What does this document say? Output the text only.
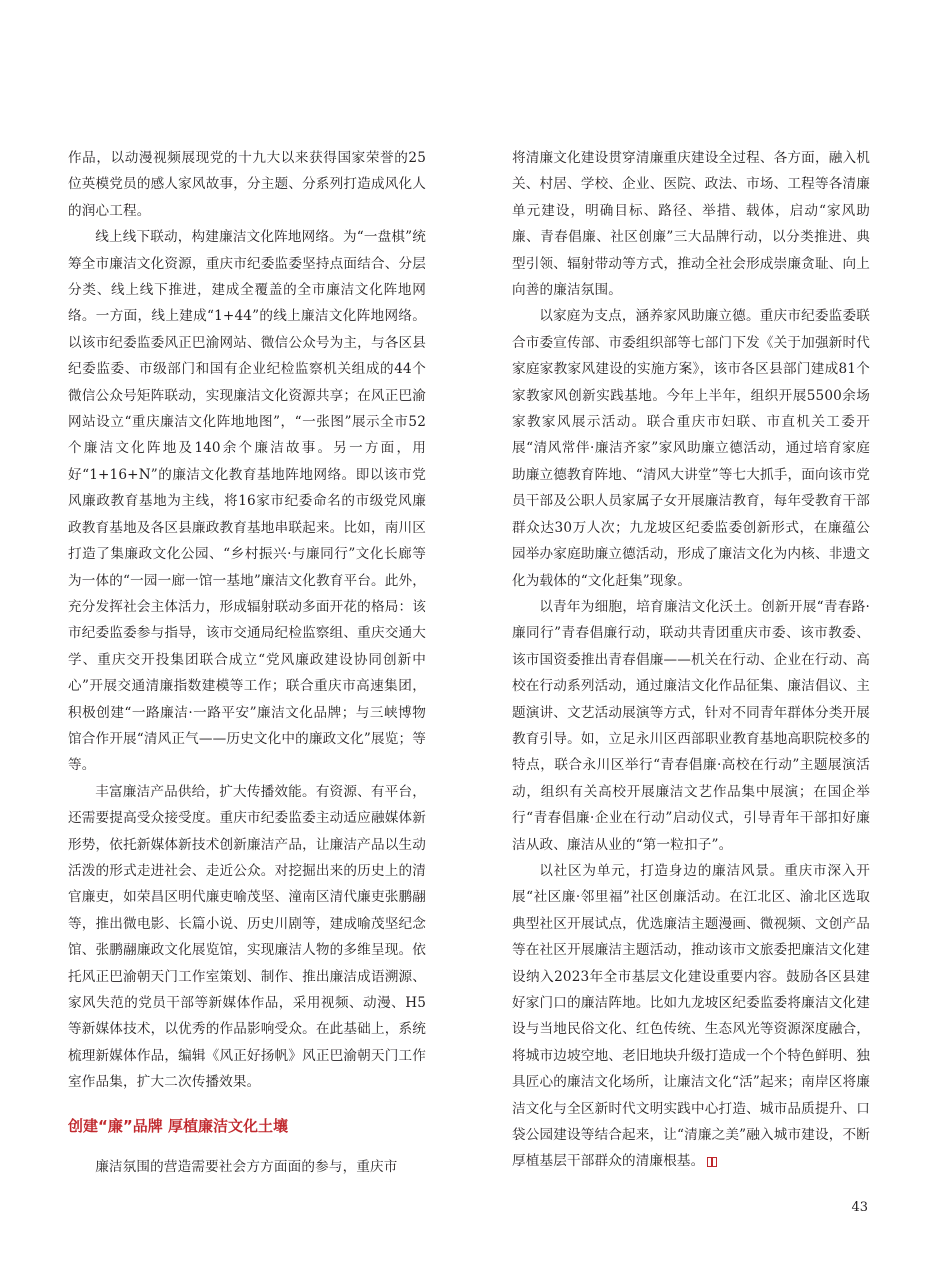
作品，以动漫视频展现党的十九大以来获得国家荣誉的25位英模党员的感人家风故事，分主题、分系列打造成风化人的润心工程。

线上线下联动，构建廉洁文化阵地网络。为“一盘棋”统筹全市廉洁文化资源，重庆市纪委监委坚持点面结合、分层分类、线上线下推进，建成全覆盖的全市廉洁文化阵地网络。一方面，线上建成“1+44”的线上廉洁文化阵地网络。以该市纪委监委风正巴渝网站、微信公众号为主，与各区县纪委监委、市级部门和国有企业纪检监察机关组成的44个微信公众号矩阵联动，实现廉洁文化资源共享；在风正巴渝网站设立“重庆廉洁文化阵地地图”，“一张图”展示全市52个廉洁文化阵地及140余个廉洁故事。另一方面，用好“1+16+N”的廉洁文化教育基地阵地网络。即以该市党风廉政教育基地为主线，将16家市纪委命名的市级党风廉政教育基地及各区县廉政教育基地串联起来。比如，南川区打造了集廉政文化公园、“乡村振兴·与廉同行”文化长廊等为一体的“一园一廊一馆一基地”廉洁文化教育平台。此外，充分发挥社会主体活力，形成辐射联动多面开花的格局：该市纪委监委参与指导，该市交通局纪检监察组、重庆交通大学、重庆交开投集团联合成立“党风廉政建设协同创新中心”开展交通清廉指数建模等工作；联合重庆市高速集团，积极创建“一路廉洁·一路平安”廉洁文化品牌；与三峡博物馆合作开展“清风正气——历史文化中的廉政文化”展览；等等。

丰富廉洁产品供给，扩大传播效能。有资源、有平台，还需要提高受众接受度。重庆市纪委监委主动适应融媒体新形势，依托新媒体新技术创新廉洁产品，让廉洁产品以生动活泼的形式走进社会、走近公众。对挖掘出来的历史上的清官廉吏，如荣昌区明代廉吏喻茂坚、潼南区清代廉吏张鹏翮等，推出微电影、长篇小说、历史川剧等，建成喻茂坚纪念馆、张鹏翮廉政文化展览馆，实现廉洁人物的多维呈现。依托风正巴渝朝天门工作室策划、制作、推出廉洁成语溯源、家风失范的党员干部等新媒体作品，采用视频、动漫、H5等新媒体技术，以优秀的作品影响受众。在此基础上，系统梳理新媒体作品，编辑《风正好扬帆》风正巴渝朝天门工作室作品集，扩大二次传播效果。

创建“廉”品牌 厚植廉洁文化土壤

廉洁氛围的营造需要社会方方面面的参与，重庆市

将清廉文化建设贯穿清廉重庆建设全过程、各方面，融入机关、村居、学校、企业、医院、政法、市场、工程等各清廉单元建设，明确目标、路径、举措、载体，启动“家风助廉、青春倡廉、社区创廉”三大品牌行动，以分类推进、典型引领、辐射带动等方式，推动全社会形成崇廉贪耻、向上向善的廉洁氛围。

以家庭为支点，涵养家风助廉立德。重庆市纪委监委联合市委宣传部、市委组织部等七部门下发《关于加强新时代家庭家教家风建设的实施方案》，该市各区县部门建成81个家教家风创新实践基地。今年上半年，组织开展5500余场家教家风展示活动。联合重庆市妇联、市直机关工委开展“清风常伴·廉洁齐家”家风助廉立德活动，通过培育家庭助廉立德教育阵地、“清风大讲堂”等七大抓手，面向该市党员干部及公职人员家属子女开展廉洁教育，每年受教育干部群众达30万人次；九龙坡区纪委监委创新形式，在廉蕴公园举办家庭助廉立德活动，形成了廉洁文化为内核、非遗文化为载体的“文化赶集”现象。

以青年为细胞，培育廉洁文化沃土。创新开展“青春路·廉同行”青春倡廉行动，联动共青团重庆市委、该市教委、该市国资委推出青春倡廉——机关在行动、企业在行动、高校在行动系列活动，通过廉洁文化作品征集、廉洁倡议、主题演讲、文艺活动展演等方式，针对不同青年群体分类开展教育引导。如，立足永川区西部职业教育基地高职院校多的特点，联合永川区举行“青春倡廉·高校在行动”主题展演活动，组织有关高校开展廉洁文艺作品集中展演；在国企举行“青春倡廉·企业在行动”启动仪式，引导青年干部扣好廉洁从政、廉洁从业的“第一粒扣子”。

以社区为单元，打造身边的廉洁风景。重庆市深入开展“社区廉·邻里福”社区创廉活动。在江北区、渝北区选取典型社区开展试点，优选廉洁主题漫画、微视频、文创产品等在社区开展廉洁主题活动，推动该市文旅委把廉洁文化建设纳入2023年全市基层文化建设重要内容。鼓励各区县建好家门口的廉洁阵地。比如九龙坡区纪委监委将廉洁文化建设与当地民俗文化、红色传统、生态风光等资源深度融合，将城市边坡空地、老旧地块升级打造成一个个特色鲜明、独具匠心的廉洁文化场所，让廉洁文化“活”起来；南岸区将廉洁文化与全区新时代文明实践中心打造、城市品质提升、口袋公园建设等结合起来，让“清廉之美”融入城市建设，不断厚植基层干部群众的清廉根基。

43
